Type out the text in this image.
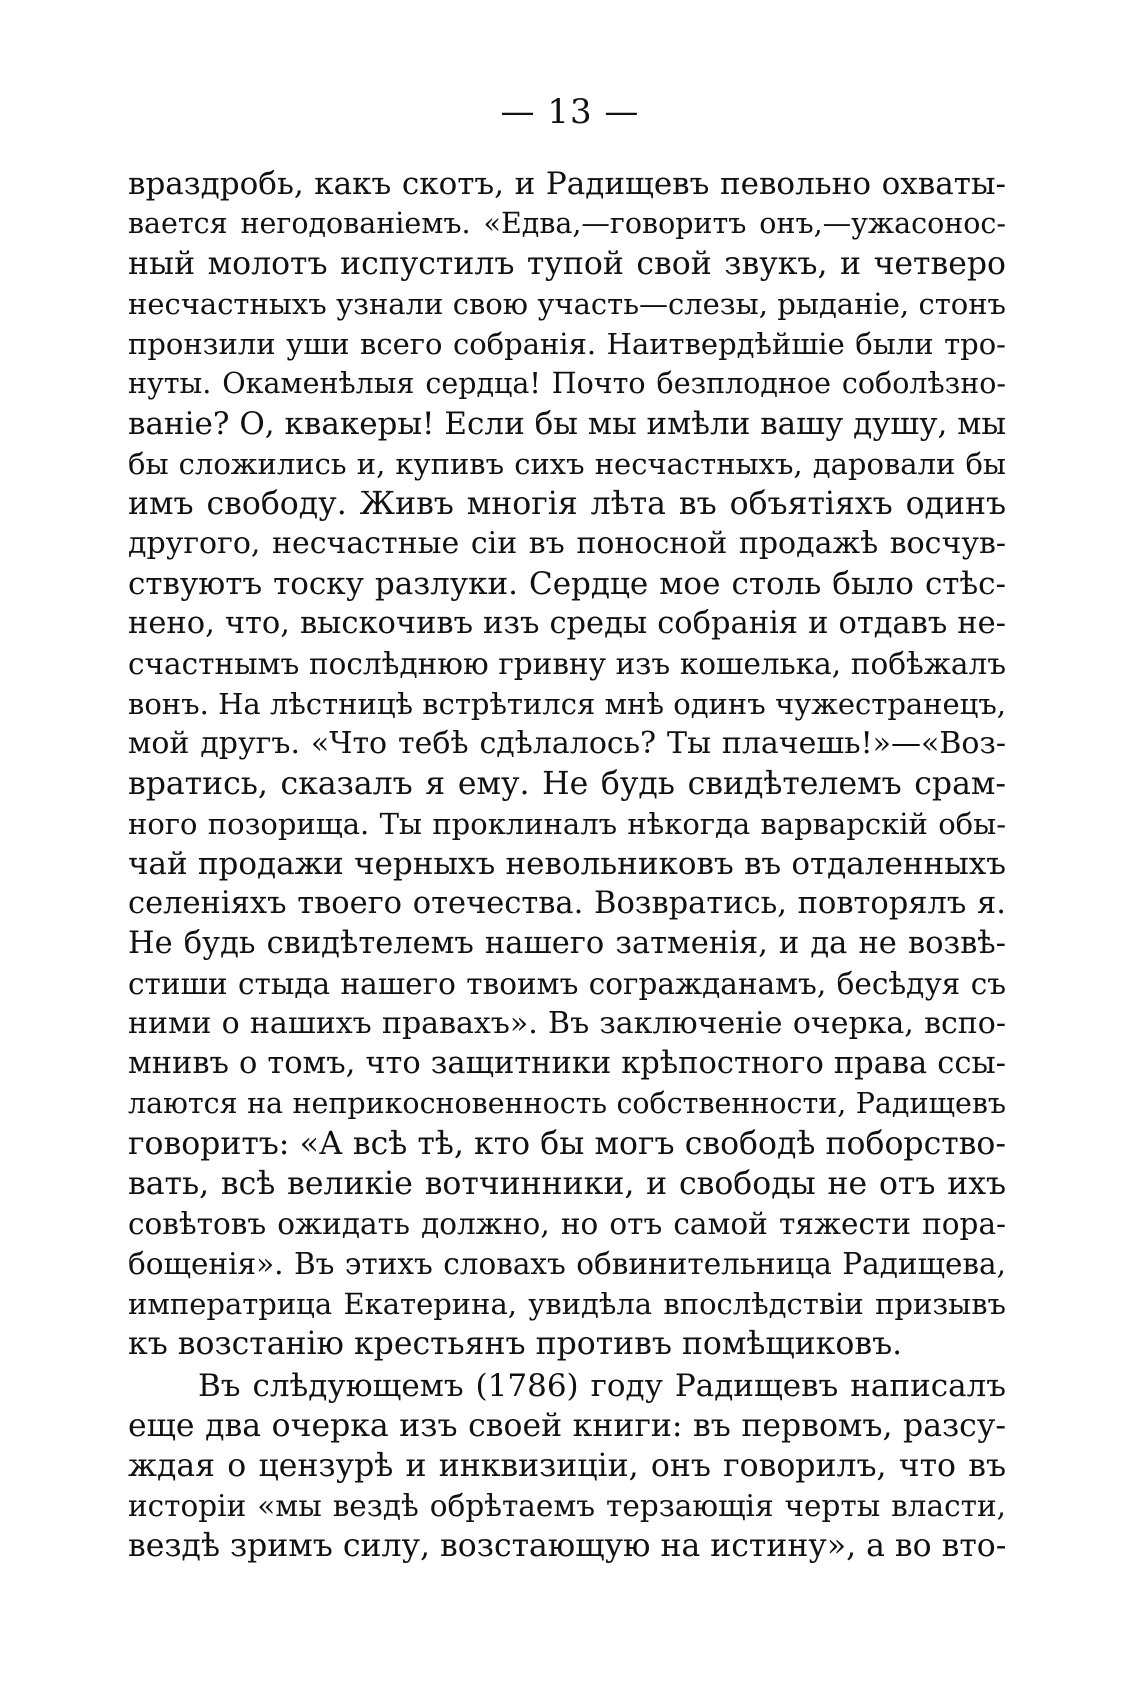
— 13 —
враздробь, какъ скотъ, и Радищевъ певольно охваты-
вается негодованіемъ. «Едва,—говоритъ онъ,—ужасонос-
ный молотъ испустилъ тупой свой звукъ, и четверо
несчастныхъ узнали свою участь—слезы, рыданіе, стонъ
пронзили уши всего собранія. Наитвердѣйшіе были тро-
нуты. Окаменѣлыя сердца! Почто безплодное соболѣзно-
ваніе? О, квакеры! Если бы мы имѣли вашу душу, мы
бы сложились и, купивъ сихъ несчастныхъ, даровали бы
имъ свободу. Живъ многія лѣта въ объятіяхъ одинъ
другого, несчастные сіи въ поносной продажѣ восчув-
ствуютъ тоску разлуки. Сердце мое столь было стѣс-
нено, что, выскочивъ изъ среды собранія и отдавъ не-
счастнымъ послѣднюю гривну изъ кошелька, побѣжалъ
вонъ. На лѣстницѣ встрѣтился мнѣ одинъ чужестранецъ,
мой другъ. «Что тебѣ сдѣлалось? Ты плачешь!»—«Воз-
вратись, сказалъ я ему. Не будь свидѣтелемъ срам-
ного позорища. Ты проклиналъ нѣкогда варварскій обы-
чай продажи черныхъ невольниковъ въ отдаленныхъ
селеніяхъ твоего отечества. Возвратись, повторялъ я.
Не будь свидѣтелемъ нашего затменія, и да не возвѣ-
стиши стыда нашего твоимъ согражданамъ, бесѣдуя съ
ними о нашихъ правахъ». Въ заключеніе очерка, вспо-
мнивъ о томъ, что защитники крѣпостного права ссы-
лаются на неприкосновенность собственности, Радищевъ
говоритъ: «А всѣ тѣ, кто бы могъ свободѣ поборство-
вать, всѣ великіе вотчинники, и свободы не отъ ихъ
совѣтовъ ожидать должно, но отъ самой тяжести пора-
бощенія». Въ этихъ словахъ обвинительница Радищева,
императрица Екатерина, увидѣла впослѣдствіи призывъ
къ возстанію крестьянъ противъ помѣщиковъ.
Въ слѣдующемъ (1786) году Радищевъ написалъ
еще два очерка изъ своей книги: въ первомъ, разсу-
ждая о цензурѣ и инквизиціи, онъ говорилъ, что въ
исторіи «мы вездѣ обрѣтаемъ терзающія черты власти,
вездѣ зримъ силу, возстающую на истину», а во вто-
